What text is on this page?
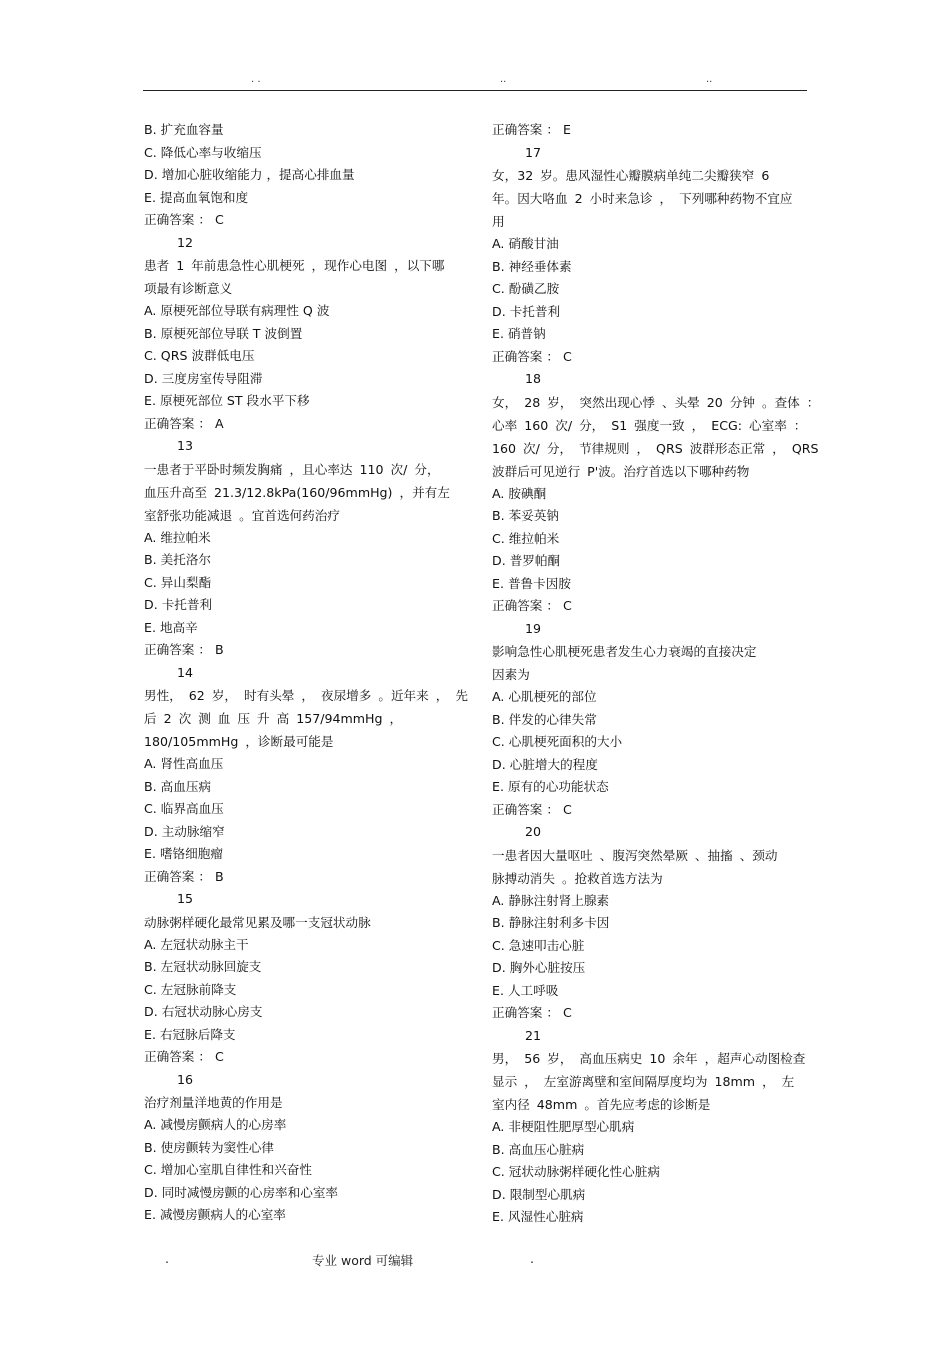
. .	..	..
B. 扩充血容量
C. 降低心率与收缩压
D. 增加心脏收缩能力 ，提高心排血量
E. 提高血氧饱和度
正确答案 ： C
12
患者 1 年前患急性心肌梗死 ，现作心电图 ，以下哪
项最有诊断意义
A. 原梗死部位导联有病理性 Q 波
B. 原梗死部位导联 T 波倒置
C. QRS 波群低电压
D. 三度房室传导阻滞
E. 原梗死部位 ST 段水平下移
正确答案 ： A
13
一患者于平卧时频发胸痛 ，且心率达 110 次/ 分，
血压升高至 21.3/12.8kPa(160/96mmHg) ，并有左
室舒张功能减退 。宜首选何药治疗
A. 维拉帕米
B. 美托洛尔
C. 异山梨酯
D. 卡托普利
E. 地高辛
正确答案 ： B
14
男性， 62 岁， 时有头晕 ， 夜尿增多 。近年来 ， 先
后 2 次 测 血 压 升 高 157/94mmHg ，
180/105mmHg ，诊断最可能是
A. 肾性高血压
B. 高血压病
C. 临界高血压
D. 主动脉缩窄
E. 嗜铬细胞瘤
正确答案 ： B
15
动脉粥样硬化最常见累及哪一支冠状动脉
A. 左冠状动脉主干
B. 左冠状动脉回旋支
C. 左冠脉前降支
D. 右冠状动脉心房支
E. 右冠脉后降支
正确答案 ： C
16
治疗剂量洋地黄的作用是
A. 减慢房颤病人的心房率
B. 使房颤转为窦性心律
C. 增加心室肌自律性和兴奋性
D. 同时减慢房颤的心房率和心室率
E. 减慢房颤病人的心室率
正确答案 ： E
17
女，32 岁。患风湿性心瓣膜病单纯二尖瓣狭窄 6
年。因大咯血 2 小时来急诊 ， 下列哪种药物不宜应
用
A. 硝酸甘油
B. 神经垂体素
C. 酚磺乙胺
D. 卡托普利
E. 硝普钠
正确答案 ： C
18
女， 28 岁， 突然出现心悸 、头晕 20 分钟 。查体 ：
心率 160 次/ 分， S1 强度一致 ， ECG: 心室率 ：
160 次/ 分， 节律规则 ， QRS 波群形态正常 ， QRS
波群后可见逆行 P'波。治疗首选以下哪种药物
A. 胺碘酮
B. 苯妥英钠
C. 维拉帕米
D. 普罗帕酮
E. 普鲁卡因胺
正确答案 ： C
19
影响急性心肌梗死患者发生心力衰竭的直接决定
因素为
A. 心肌梗死的部位
B. 伴发的心律失常
C. 心肌梗死面积的大小
D. 心脏增大的程度
E. 原有的心功能状态
正确答案 ： C
20
一患者因大量呕吐 、腹泻突然晕厥 、抽搐 、颈动
脉搏动消失 。抢救首选方法为
A. 静脉注射肾上腺素
B. 静脉注射利多卡因
C. 急速叩击心脏
D. 胸外心脏按压
E. 人工呼吸
正确答案 ： C
21
男， 56 岁， 高血压病史 10 余年 ，超声心动图检查
显示 ， 左室游离壁和室间隔厚度均为 18mm ， 左
室内径 48mm 。首先应考虑的诊断是
A. 非梗阻性肥厚型心肌病
B. 高血压心脏病
C. 冠状动脉粥样硬化性心脏病
D. 限制型心肌病
E. 风湿性心脏病
.	专业 word 可编辑	.
